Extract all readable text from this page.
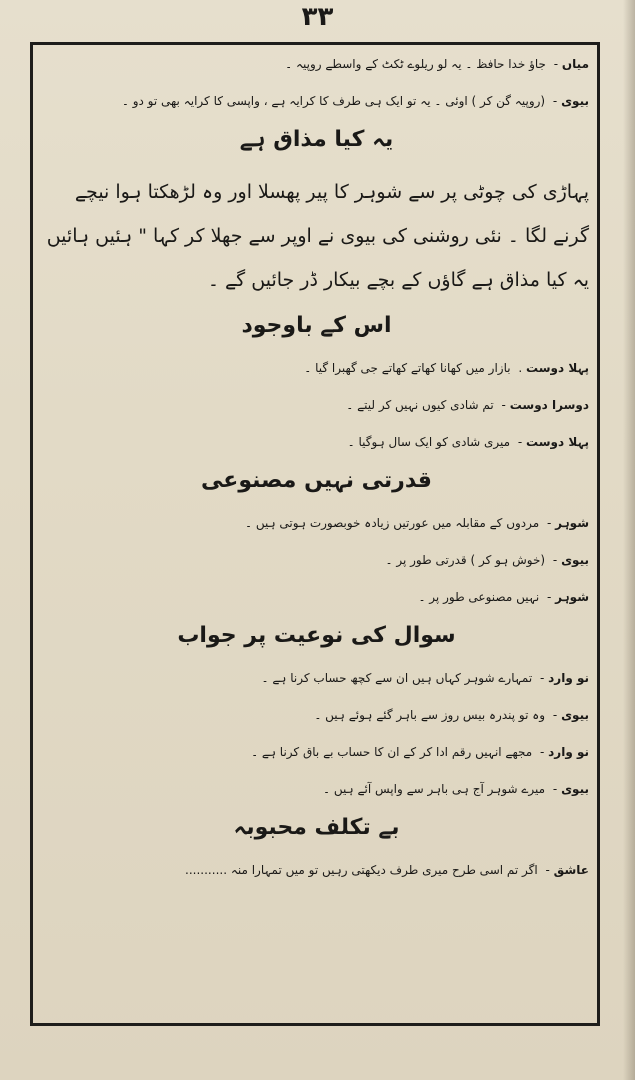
۳۳
میاں - جاؤ خدا حافظ ۔ یہ لو ریلوے ٹکٹ کے واسطے روپیہ ۔
بیوی - (روپیہ گن کر ) اوئی ۔ یہ تو ایک ہی طرف کا کرایہ ہے ، واپسی کا کرایہ بھی تو دو ۔
یہ کیا مذاق ہے
پہاڑی کی چوٹی پر سے شوہر کا پیر پھسلا اور وہ لڑھکتا ہوا نیچے گرنے لگا ۔ نئی روشنی کی بیوی نے اوپر سے جھلا کر کہا " ہئیں ہائیں یہ کیا مذاق ہے گاؤں کے بچے بیکار ڈر جائیں گے ۔
اس کے باوجود
پہلا دوست . بازار میں کھانا کھاتے کھاتے جی گھبرا گیا ۔
دوسرا دوست - تم شادی کیوں نہیں کر لیتے ۔
پہلا دوست - میری شادی کو ایک سال ہوگیا ۔
قدرتی نہیں مصنوعی
شوہر - مردوں کے مقابلہ میں عورتیں زیادہ خوبصورت ہوتی ہیں ۔
بیوی - (خوش ہو کر ) قدرتی طور پر ۔
شوہر - نہیں مصنوعی طور پر ۔
سوال کی نوعیت پر جواب
نو وارد - تمہارے شوہر کہاں ہیں ان سے کچھ حساب کرنا ہے ۔
بیوی - وہ تو پندرہ بیس روز سے باہر گئے ہوئے ہیں ۔
نو وارد - مجھے انہیں رقم ادا کر کے ان کا حساب بے باق کرنا ہے ۔
بیوی - میرے شوہر آج ہی باہر سے واپس آئے ہیں ۔
بے تکلف محبوبہ
عاشق - اگر تم اسی طرح میری طرف دیکھتی رہیں تو میں تمہارا منہ ...........
